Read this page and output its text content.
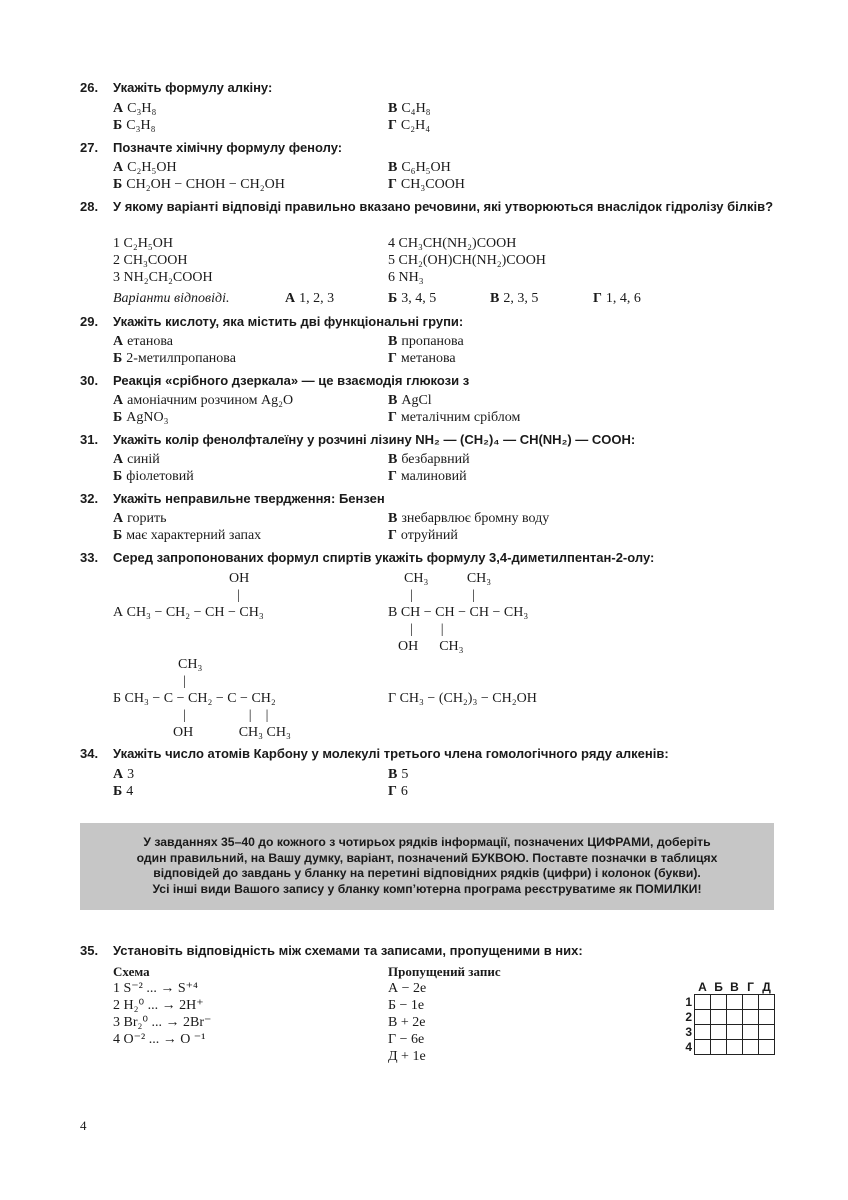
26. Укажіть формулу алкіну:
А C₃H₈	В C₄H₈
Б C₃H₈	Г C₂H₄
27. Позначте хімічну формулу фенолу:
А C₂H₅OH	В C₆H₅OH
Б CH₂OH − CHOH − CH₂OH	Г CH₃COOH
28. У якому варіанті відповіді правильно вказано речовини, які утворюються внаслідок гідролізу білків?
1 C₂H₅OH	4 CH₃CH(NH₂)COOH
2 CH₃COOH	5 CH₂(OH)CH(NH₂)COOH
3 NH₂CH₂COOH	6 NH₃
Варіанти відповіді.	А 1, 2, 3	Б 3, 4, 5	В 2, 3, 5	Г 1, 4, 6
29. Укажіть кислоту, яка містить дві функціональні групи:
А етанова	В пропанова
Б 2-метилпропанова	Г метанова
30. Реакція «срібного дзеркала» — це взаємодія глюкози з
А амоніачним розчином Ag₂O	В AgCl
Б AgNO₃	Г металічним сріблом
31. Укажіть колір фенолфталеїну у розчині лізину NH₂ — (CH₂)₄ — CH(NH₂) — COOH:
А синій	В безбарвний
Б фіолетовий	Г малиновий
32. Укажіть неправильне твердження: Бензен
А горить	В знебарвлює бромну воду
Б має характерний запах	Г отруйний
33. Серед запропонованих формул спиртів укажіть формулу 3,4-диметилпентан-2-олу:
OH
|
А CH₃ − CH₂ − CH − CH₃
CH₃           CH₃
|                 |
В CH − CH − CH − CH₃
|        |
OH      CH₃
CH₃
|
Б CH₃ − C − CH₂ − C − CH₂
|                  |    |
OH             CH₃ CH₃
Г CH₃ − (CH₂)₃ − CH₂OH
34. Укажіть число атомів Карбону у молекулі третього члена гомологічного ряду алкенів:
А 3	В 5
Б 4	Г 6
У завданнях 35–40 до кожного з чотирьох рядків інформації, позначених ЦИФРАМИ, доберіть
один правильний, на Вашу думку, варіант, позначений БУКВОЮ. Поставте позначки в таблицях
відповідей до завдань у бланку на перетині відповідних рядків (цифри) і колонок (букви).
Усі інші види Вашого запису у бланку комп’ютерна програма реєструватиме як ПОМИЛКИ!
35. Установіть відповідність між схемами та записами, пропущеними в них:
Схема	Пропущений запис
1 S⁻² ... → S⁺⁴
2 H₂⁰ ... → 2H⁺
3 Br₂⁰ ... → 2Br⁻
4 O⁻² ... → O ⁻¹
А − 2e
Б − 1e
В + 2e
Г − 6e
Д + 1e
	А	Б	В	Г	Д
1					
2					
3					
4					
4
